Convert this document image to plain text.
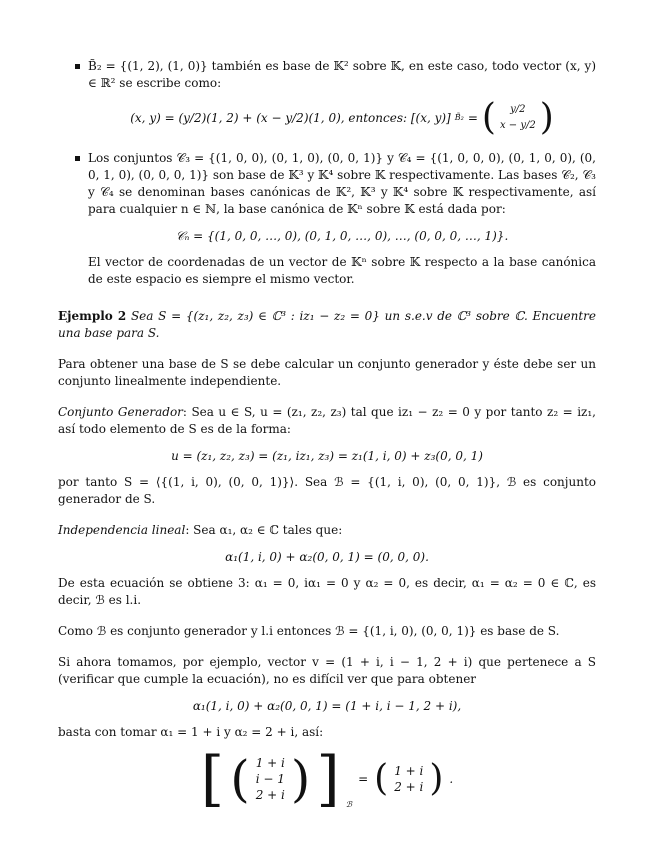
B̃₂ = {(1, 2), (1, 0)} también es base de 𝕂² sobre 𝕂, en este caso, todo vector (x, y) ∈ ℝ² se escribe como:
(x, y) = (y/2)(1, 2) + (x − y/2)(1, 0), entonces: [(x, y)] B̃₂ = ( y/2
x − y/2 )
Los conjuntos 𝒞₃ = {(1, 0, 0), (0, 1, 0), (0, 0, 1)} y 𝒞₄ = {(1, 0, 0, 0), (0, 1, 0, 0), (0, 0, 1, 0), (0, 0, 0, 1)} son base de 𝕂³ y 𝕂⁴ sobre 𝕂 respectivamente. Las bases 𝒞₂, 𝒞₃ y 𝒞₄ se denominan bases canónicas de 𝕂², 𝕂³ y 𝕂⁴ sobre 𝕂 respectivamente, así para cualquier n ∈ ℕ, la base canónica de 𝕂ⁿ sobre 𝕂 está dada por:
𝒞ₙ = {(1, 0, 0, …, 0), (0, 1, 0, …, 0), …, (0, 0, 0, …, 1)}.
El vector de coordenadas de un vector de 𝕂ⁿ sobre 𝕂 respecto a la base canónica de este espacio es siempre el mismo vector.

Ejemplo 2 Sea S = {(z₁, z₂, z₃) ∈ ℂ³ : iz₁ − z₂ = 0} un s.e.v de ℂ³ sobre ℂ. Encuentre una base para S.

Para obtener una base de S se debe calcular un conjunto generador y éste debe ser un conjunto linealmente independiente.

Conjunto Generador: Sea u ∈ S, u = (z₁, z₂, z₃) tal que iz₁ − z₂ = 0 y por tanto z₂ = iz₁, así todo elemento de S es de la forma:

u = (z₁, z₂, z₃) = (z₁, iz₁, z₃) = z₁(1, i, 0) + z₃(0, 0, 1)

por tanto S = ⟨{(1, i, 0), (0, 0, 1)}⟩. Sea ℬ = {(1, i, 0), (0, 0, 1)}, ℬ es conjunto generador de S.

Independencia lineal: Sea α₁, α₂ ∈ ℂ tales que:

α₁(1, i, 0) + α₂(0, 0, 1) = (0, 0, 0).

De esta ecuación se obtiene 3: α₁ = 0, iα₁ = 0 y α₂ = 0, es decir, α₁ = α₂ = 0 ∈ ℂ, es decir, ℬ es l.i.

Como ℬ es conjunto generador y l.i entonces ℬ = {(1, i, 0), (0, 0, 1)} es base de S.

Si ahora tomamos, por ejemplo, vector v = (1 + i, i − 1, 2 + i) que pertenece a S (verificar que cumple la ecuación), no es difícil ver que para obtener

α₁(1, i, 0) + α₂(0, 0, 1) = (1 + i, i − 1, 2 + i),

basta con tomar α₁ = 1 + i y α₂ = 2 + i, así:

[ ( 1 + i
i − 1
2 + i ) ] ℬ
= ( 1 + i
2 + i ) .
